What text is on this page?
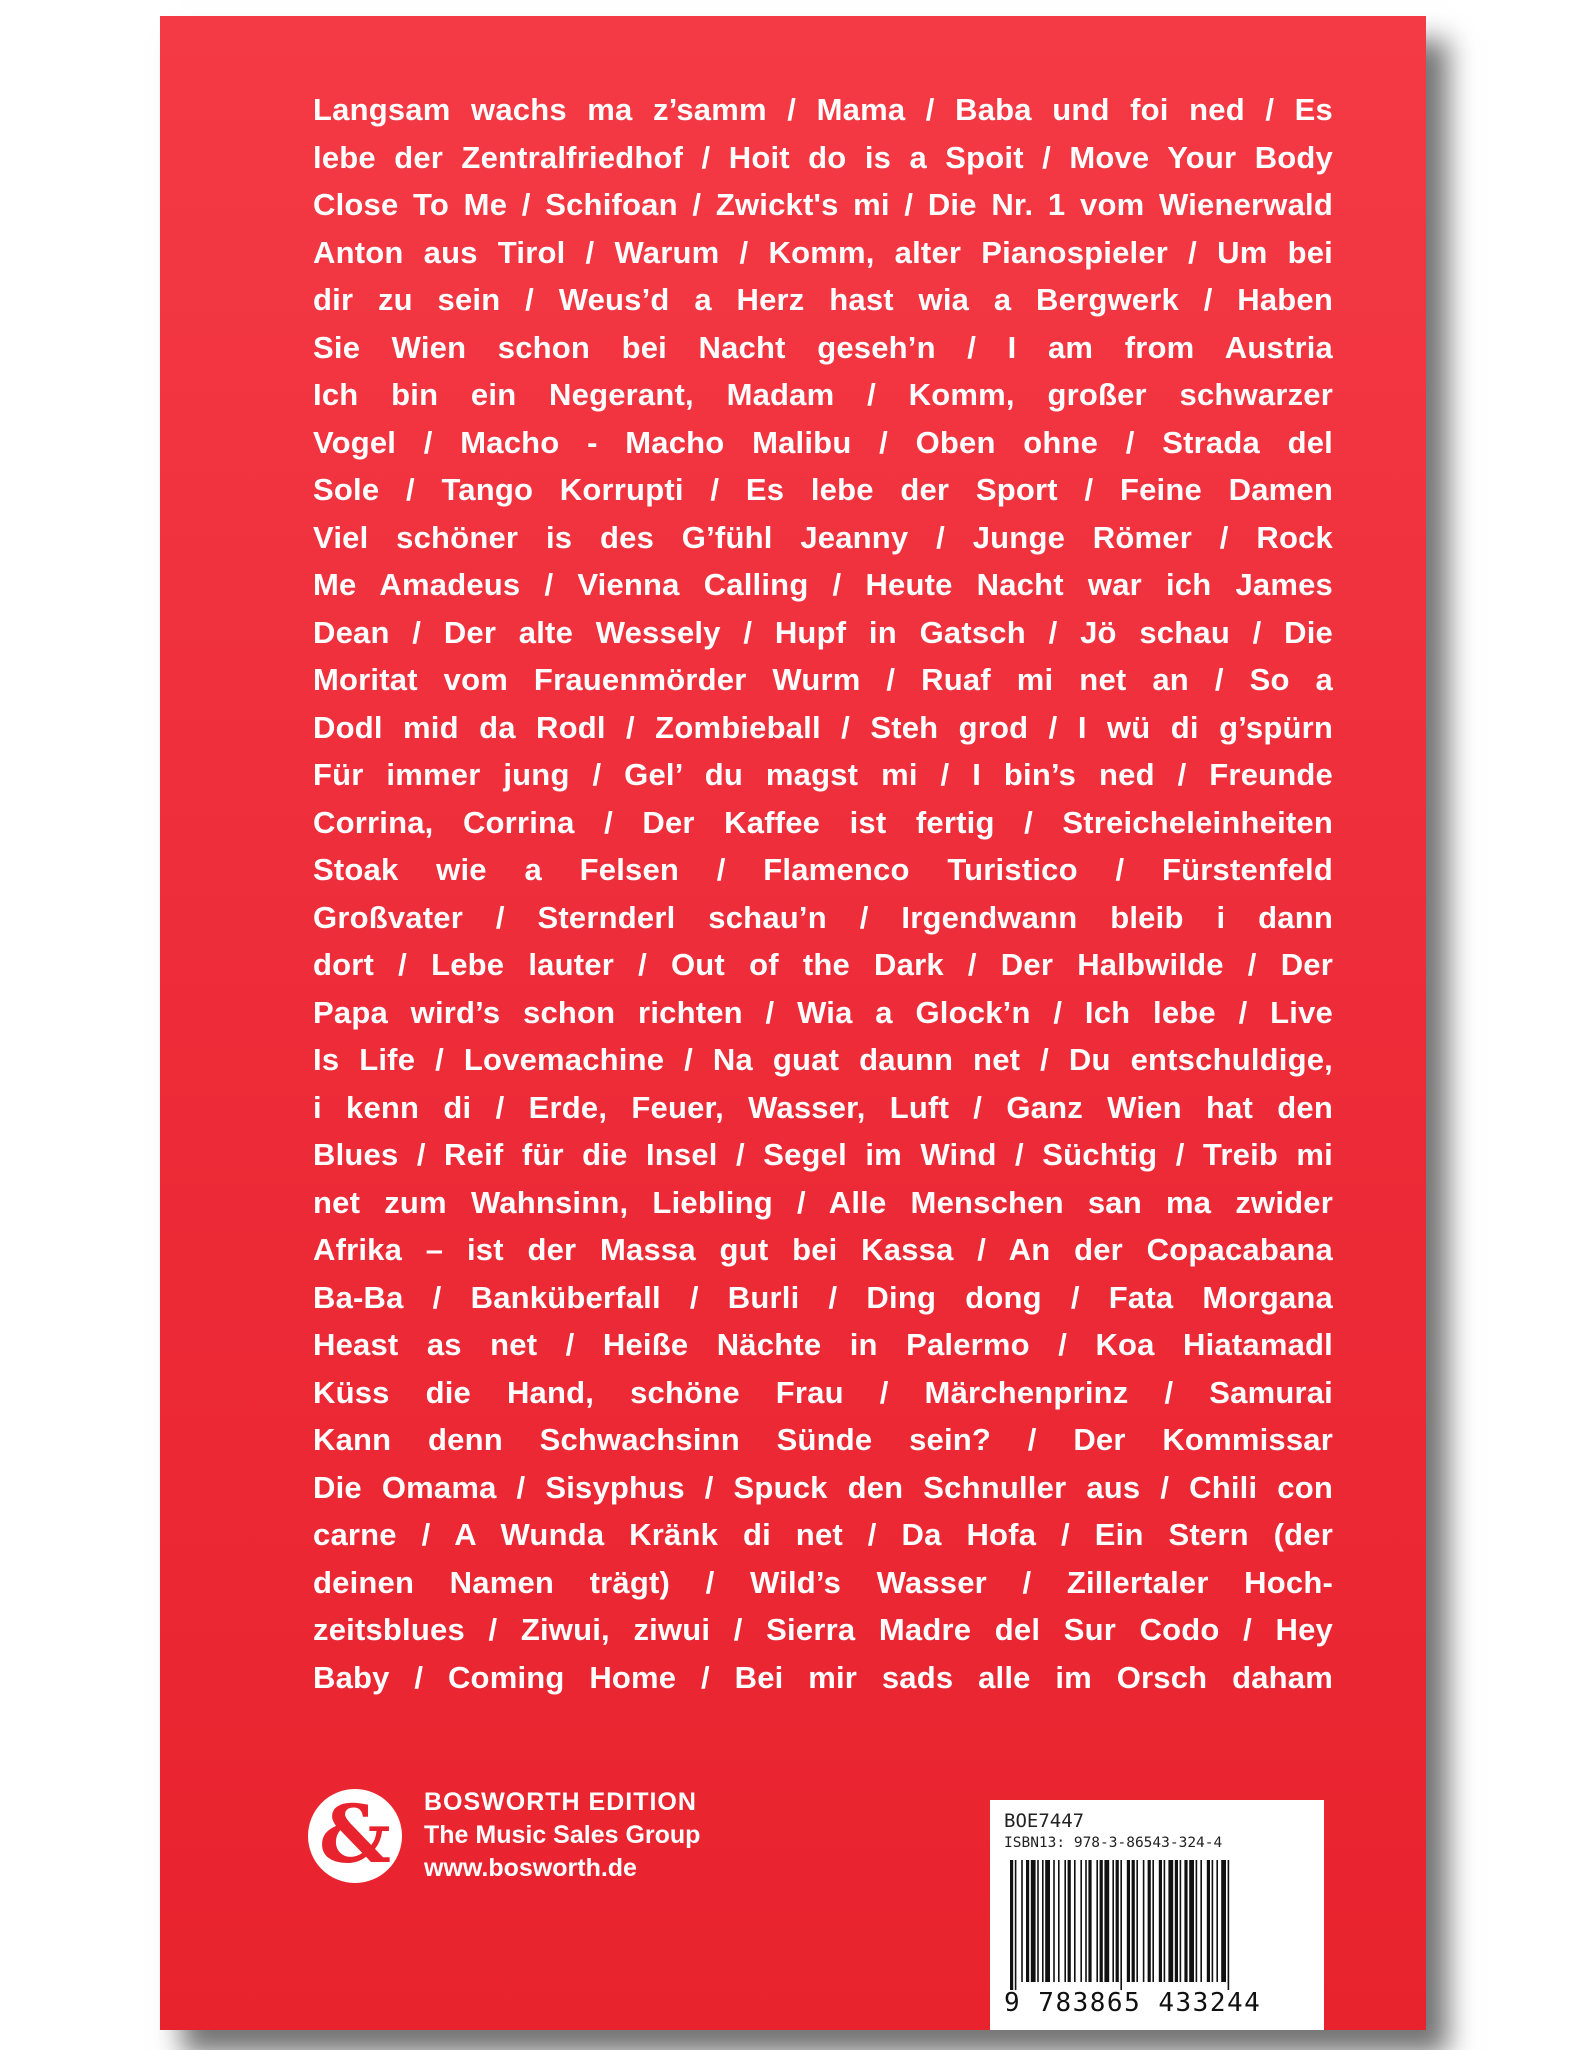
Langsam wachs ma z’samm / Mama / Baba und foi ned / Es
lebe der Zentralfriedhof / Hoit do is a Spoit / Move Your Body
Close To Me / Schifoan / Zwickt's mi / Die Nr. 1 vom Wienerwald
Anton aus Tirol / Warum / Komm, alter Pianospieler / Um bei
dir zu sein / Weus’d a Herz hast wia a Bergwerk / Haben
Sie Wien schon bei Nacht geseh’n / I am from Austria
Ich bin ein Negerant, Madam / Komm, großer schwarzer
Vogel / Macho - Macho Malibu / Oben ohne / Strada del
Sole / Tango Korrupti / Es lebe der Sport / Feine Damen
Viel schöner is des G’fühl Jeanny / Junge Römer / Rock
Me Amadeus / Vienna Calling / Heute Nacht war ich James
Dean / Der alte Wessely / Hupf in Gatsch / Jö schau / Die
Moritat vom Frauenmörder Wurm / Ruaf mi net an / So a
Dodl mid da Rodl / Zombieball / Steh grod / I wü di g’spürn
Für immer jung / Gel’ du magst mi / I bin’s ned / Freunde
Corrina, Corrina / Der Kaffee ist fertig / Streicheleinheiten
Stoak wie a Felsen / Flamenco Turistico / Fürstenfeld
Großvater / Sternderl schau’n / Irgendwann bleib i dann
dort / Lebe lauter / Out of the Dark / Der Halbwilde / Der
Papa wird’s schon richten / Wia a Glock’n / Ich lebe / Live
Is Life / Lovemachine / Na guat daunn net / Du entschuldige,
i kenn di / Erde, Feuer, Wasser, Luft / Ganz Wien hat den
Blues / Reif für die Insel / Segel im Wind / Süchtig / Treib mi
net zum Wahnsinn, Liebling / Alle Menschen san ma zwider
Afrika – ist der Massa gut bei Kassa / An der Copacabana
Ba-Ba / Banküberfall / Burli / Ding dong / Fata Morgana
Heast as net / Heiße Nächte in Palermo / Koa Hiatamadl
Küss die Hand, schöne Frau / Märchenprinz / Samurai
Kann denn Schwachsinn Sünde sein? / Der Kommissar
Die Omama / Sisyphus / Spuck den Schnuller aus / Chili con
carne / A Wunda Kränk di net / Da Hofa / Ein Stern (der
deinen Namen trägt) / Wild’s Wasser / Zillertaler Hoch-
zeitsblues / Ziwui, ziwui / Sierra Madre del Sur Codo / Hey
Baby / Coming Home / Bei mir sads alle im Orsch daham
& BOSWORTH EDITION
The Music Sales Group
www.bosworth.de
BOE7447
ISBN13: 978-3-86543-324-4
9 783865 433244
